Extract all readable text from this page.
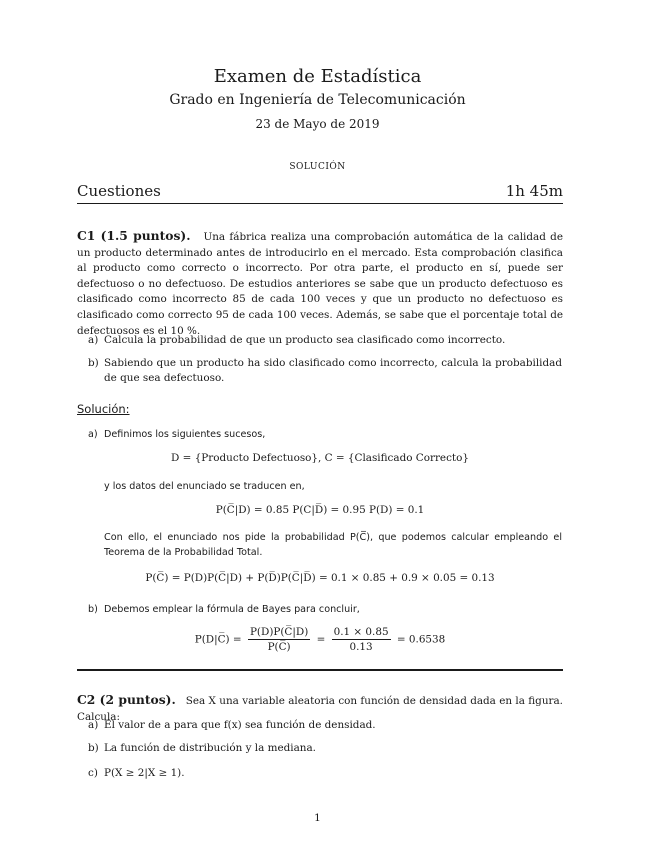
Examen de Estadística
Grado en Ingeniería de Telecomunicación
23 de Mayo de 2019
solución
Cuestiones	1h 45m
C1 (1.5 puntos). Una fábrica realiza una comprobación automática de la calidad de un producto determinado antes de introducirlo en el mercado. Esta comprobación clasifica al producto como correcto o incorrecto. Por otra parte, el producto en sí, puede ser defectuoso o no defectuoso. De estudios anteriores se sabe que un producto defectuoso es clasificado como incorrecto 85 de cada 100 veces y que un producto no defectuoso es clasificado como correcto 95 de cada 100 veces. Además, se sabe que el porcentaje total de defectuosos es el 10 %.
a) Calcula la probabilidad de que un producto sea clasificado como incorrecto.
b) Sabiendo que un producto ha sido clasificado como incorrecto, calcula la probabilidad de que sea defectuoso.
Solución:
a) Definimos los siguientes sucesos,
D = {Producto Defectuoso}, C = {Clasificado Correcto}
y los datos del enunciado se traducen en,
P(C̅|D) = 0.85 P(C|D̅) = 0.95 P(D) = 0.1
Con ello, el enunciado nos pide la probabilidad P(C̅), que podemos calcular empleando el Teorema de la Probabilidad Total.
P(C̅) = P(D)P(C̅|D) + P(D̅)P(C̅|D̅) = 0.1 × 0.85 + 0.9 × 0.05 = 0.13
b) Debemos emplear la fórmula de Bayes para concluir,
P(D|C̅) = $\frac{P(D)P(C̅|D)}{P(C̅)} = \frac{0.1 \times 0.85}{0.13} = 0.6538$
C2 (2 puntos). Sea X una variable aleatoria con función de densidad dada en la figura. Calcula:
a) El valor de a para que f(x) sea función de densidad.
b) La función de distribución y la mediana.
c) P(X ≥ 2|X ≥ 1).
1
